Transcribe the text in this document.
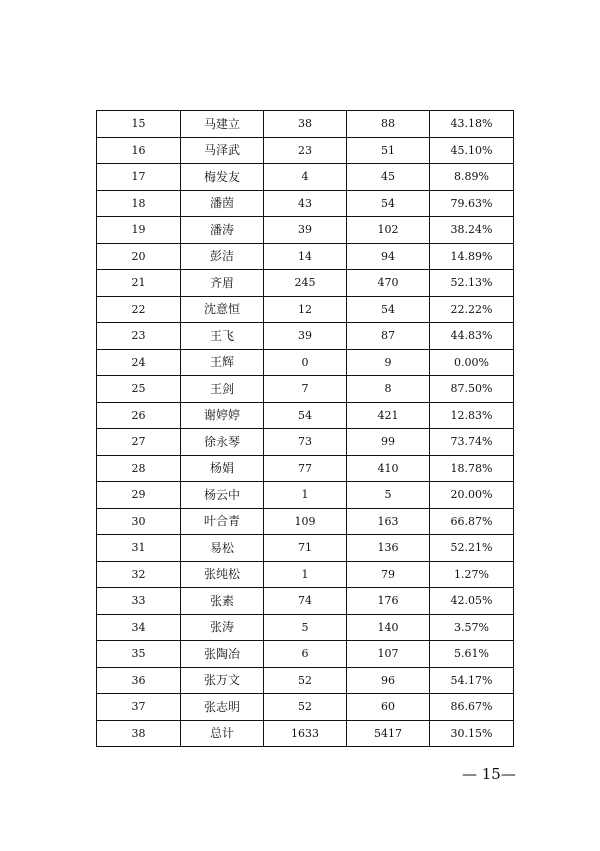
15	马建立	38	88	43.18%
16	马泽武	23	51	45.10%
17	梅发友	4	45	8.89%
18	潘茵	43	54	79.63%
19	潘涛	39	102	38.24%
20	彭洁	14	94	14.89%
21	齐眉	245	470	52.13%
22	沈意恒	12	54	22.22%
23	王飞	39	87	44.83%
24	王辉	0	9	0.00%
25	王剑	7	8	87.50%
26	谢婷婷	54	421	12.83%
27	徐永琴	73	99	73.74%
28	杨娟	77	410	18.78%
29	杨云中	1	5	20.00%
30	叶合青	109	163	66.87%
31	易松	71	136	52.21%
32	张纯松	1	79	1.27%
33	张素	74	176	42.05%
34	张涛	5	140	3.57%
35	张陶冶	6	107	5.61%
36	张万文	52	96	54.17%
37	张志明	52	60	86.67%
38	总计	1633	5417	30.15%
— 15—
